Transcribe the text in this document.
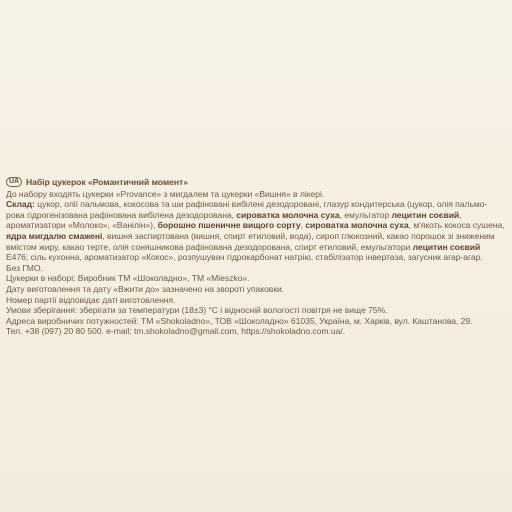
UA Набір цукерок «Романтичний момент»
До набору входять цукерки «Provance» з мигдалем та цукерки «Вишня» в лікері.
Склад: цукор, олії пальмова, кокосова та ши рафіновані вибілені дезодоровані, глазур кондитерська (цукор, олія пальмо-
рова гідрогенізована рафінована вибілена дезодорована, сироватка молочна суха, емульгатор лецитин соєвий,
ароматизатори «Молоко», «Ванілін»), борошно пшеничне вищого сорту, сироватка молочна суха, м'якоть кокоса сушена,
ядра мигдалю смажені, вишня заспиртована (вишня, спирт етиловий, вода), сироп глюкозний, какао порошок зі зниженим
вмістом жиру, какао терте, олія соняшникова рафінована дезодорована, спирт етиловий, емульгатори лецитин соєвий
Е476; сіль кухонна, ароматизатор «Кокос», розпушувач гідрокарбонат натрію, стабілізатор інвертаза, загусник агар-агар.
Без ГМО.
Цукерки в наборі: Виробник ТМ «Шоколадно», ТМ «Mieszko».
Дату виготовлення та дату «Вжити до» зазначено на звороті упаковки.
Номер партії відповідає даті виготовлення.
Умови зберігання: зберігати за температури (18±3) °С і відносній вологості повітря не вище 75%.
Адреса виробничих потужностей: ТМ «Shokoladno», ТОВ «Шоколадно» 61035, Україна, м. Харків, вул. Каштанова, 29.
Тел. +38 (097) 20 80 500. e-mail: tm.shokoladno@gmail.com, https://shokoladno.com.ua/.
